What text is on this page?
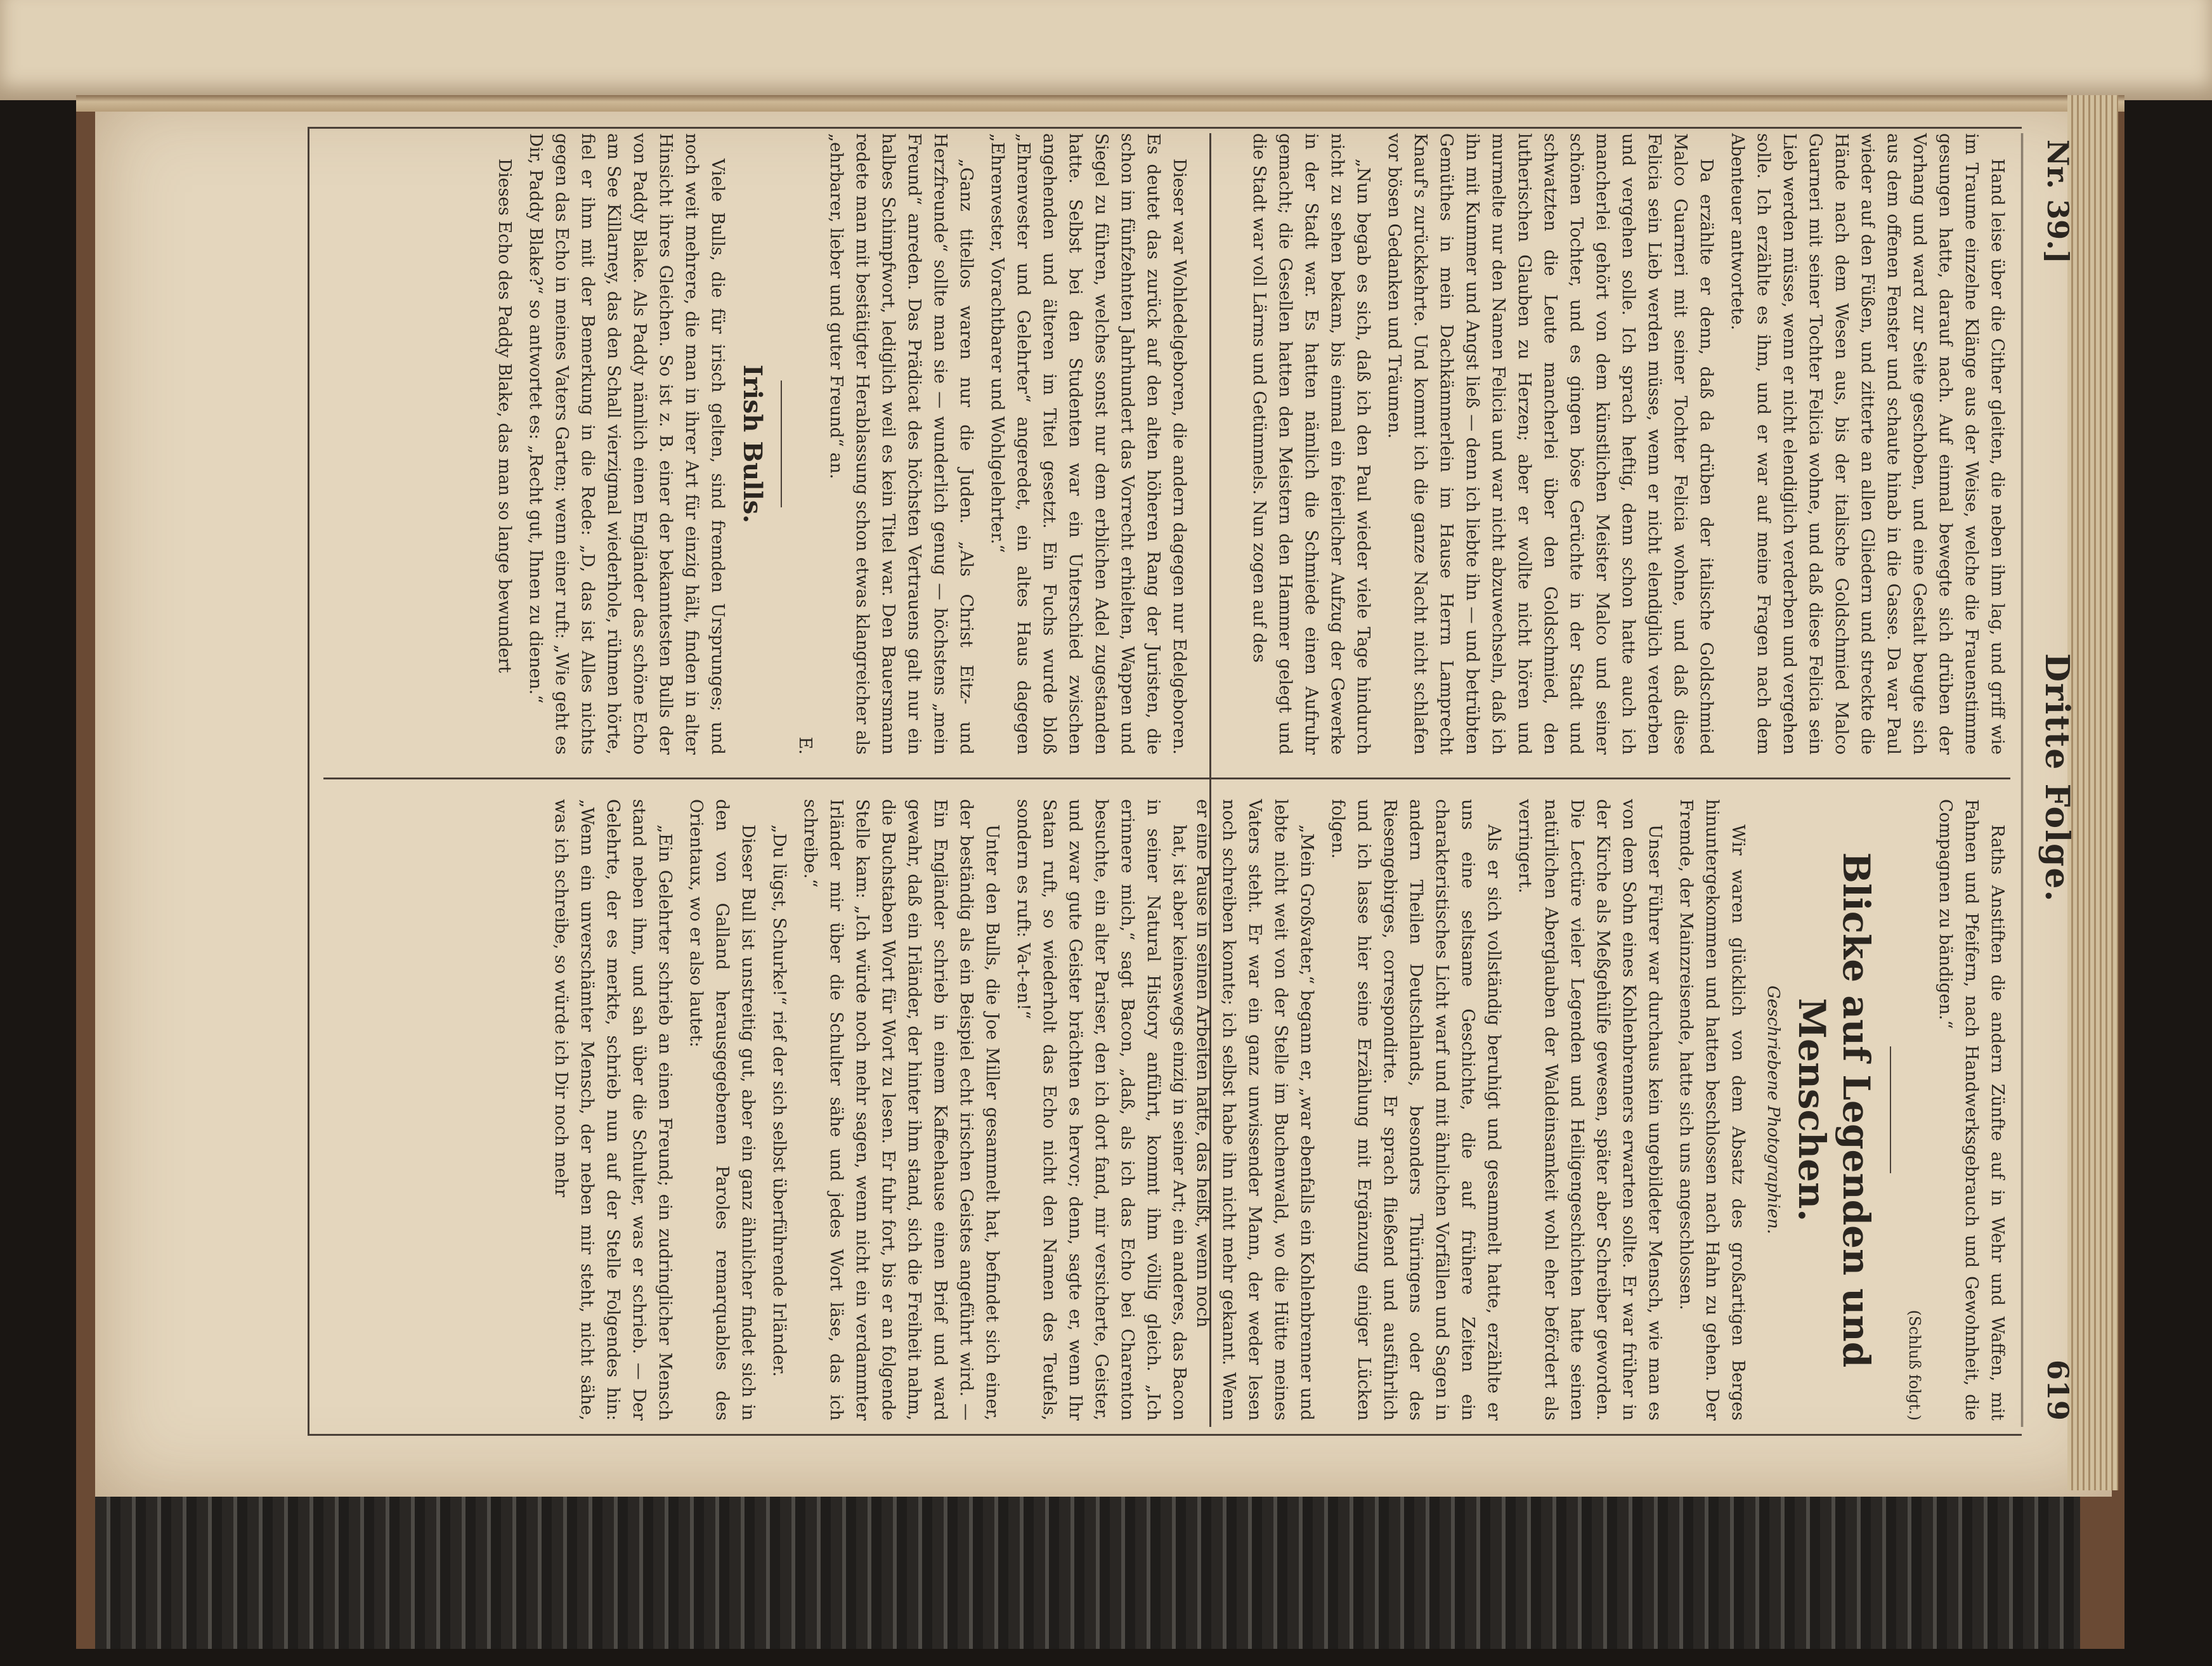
Nr. 39.]
Dritte Folge.
619

Hand leise über die Cither gleiten, die neben ihm lag, und griff wie im Traume einzelne Klänge aus der Weise, welche die Frauenstimme gesungen hatte, darauf nach. Auf einmal bewegte sich drüben der Vorhang und ward zur Seite geschoben, und eine Gestalt beugte sich aus dem offenen Fenster und schaute hinab in die Gasse. Da war Paul wieder auf den Füßen, und zitterte an allen Gliedern und streckte die Hände nach dem Wesen aus, bis der italische Goldschmied Malco Guarneri mit seiner Tochter Felicia wohne, und daß diese Felicia sein Lieb werden müsse, wenn er nicht elendiglich verderben und vergehen solle. Ich erzählte es ihm, und er war auf meine Fragen nach dem Abenteuer antwortete.

Da erzählte er denn, daß da drüben der italische Goldschmied Malco Guarneri mit seiner Tochter Felicia wohne, und daß diese Felicia sein Lieb werden müsse, wenn er nicht elendiglich verderben und vergehen solle. Ich sprach heftig, denn schon hatte auch ich mancherlei gehört von dem künstlichen Meister Malco und seiner schönen Tochter, und es gingen böse Gerüchte in der Stadt und schwatzten die Leute mancherlei über den Goldschmied, den lutherischen Glauben zu Herzen; aber er wollte nicht hören und murmelte nur den Namen Felicia und war nicht abzuwechseln, daß ich ihn mit Kummer und Angst ließ — denn ich liebte ihn — und betrübten Gemüthes in mein Dachkämmerlein im Hause Herrn Lamprecht Knauf's zurückkehrte. Und kommt ich die ganze Nacht nicht schlafen vor bösen Gedanken und Träumen.

„Nun begab es sich, daß ich den Paul wieder viele Tage hindurch nicht zu sehen bekam, bis einmal ein feierlicher Aufzug der Gewerke in der Stadt war. Es hatten nämlich die Schmiede einen Aufruhr gemacht; die Gesellen hatten den Meistern den Hammer gelegt und die Stadt war voll Lärms und Getümmels. Nun zogen auf des

Raths Anstiften die andern Zünfte auf in Wehr und Waffen, mit Fahnen und Pfeifern, nach Handwerksgebrauch und Gewohnheit, die Compagnen zu bändigen.“

(Schluß folgt.)

Blicke auf Legenden und Menschen.

Geschriebene Photographien.

Wir waren glücklich von dem Absatz des großartigen Berges hinuntergekommen und hatten beschlossen nach Hahn zu gehen. Der Fremde, der Mainzreisende, hatte sich uns angeschlossen.

Unser Führer war durchaus kein ungebildeter Mensch, wie man es von dem Sohn eines Kohlenbrenners erwarten sollte. Er war früher in der Kirche als Meßgehülfe gewesen, später aber Schreiber geworden. Die Lectüre vieler Legenden und Heiligengeschichten hatte seinen natürlichen Aberglauben der Waldeinsamkeit wohl eher befördert als verringert.

Als er sich vollständig beruhigt und gesammelt hatte, erzählte er uns eine seltsame Geschichte, die auf frühere Zeiten ein charakteristisches Licht warf und mit ähnlichen Vorfällen und Sagen in andern Theilen Deutschlands, besonders Thüringens oder des Riesengebirges, correspondirte. Er sprach fließend und ausführlich und ich lasse hier seine Erzählung mit Ergänzung einiger Lücken folgen.

„Mein Großvater,“ begann er, „war ebenfalls ein Kohlenbrenner und lebte nicht weit von der Stelle im Buchenwald, wo die Hütte meines Vaters steht. Er war ein ganz unwissender Mann, der weder lesen noch schreiben konnte; ich selbst habe ihn nicht mehr gekannt. Wenn er eine Pause in seinen Arbeiten hatte, das heißt, wenn noch

Dieser war Wohledelgeboren, die andern dagegen nur Edelgeboren. Es deutet das zurück auf den alten höheren Rang der Juristen, die schon im fünfzehnten Jahrhundert das Vorrecht erhielten, Wappen und Siegel zu führen, welches sonst nur dem erblichen Adel zugestanden hatte. Selbst bei den Studenten war ein Unterschied zwischen angehenden und älteren im Titel gesetzt. Ein Fuchs wurde bloß „Ehrenvester und Gelehrter“ angeredet, ein altes Haus dagegen „Ehrenvester, Vorachtbarer und Wohlgelehrter.“

„Ganz titellos waren nur die Juden. „Als Christ Eitz- und Herzfreunde“ sollte man sie — wunderlich genug — höchstens „mein Freund“ anreden. Das Prädicat des höchsten Vertrauens galt nur ein halbes Schimpfwort, lediglich weil es kein Titel war. Den Bauersmann redete man mit bestätigter Herablassung schon etwas klangreicher als „ehrbarer, lieber und guter Freund“ an.

E.

Irish Bulls.

Viele Bulls, die für irisch gelten, sind fremden Ursprunges; und noch weit mehrere, die man in ihrer Art für einzig hält, finden in alter Hinsicht ihres Gleichen. So ist z. B. einer der bekanntesten Bulls der von Paddy Blake. Als Paddy nämlich einen Engländer das schöne Echo am See Killarney, das den Schall vierzigmal wiederhole, rühmen hörte, fiel er ihm mit der Bemerkung in die Rede: „D, das ist Alles nichts gegen das Echo in meines Vaters Garten; wenn einer ruft: „Wie geht es Dir, Paddy Blake?“ so antwortet es: „Recht gut, Ihnen zu dienen.“

Dieses Echo des Paddy Blake, das man so lange bewundert

hat, ist aber keineswegs einzig in seiner Art; ein anderes, das Bacon in seiner Natural History anführt, kommt ihm völlig gleich. „Ich erinnere mich,“ sagt Bacon, „daß, als ich das Echo bei Charenton besuchte, ein alter Pariser, den ich dort fand, mir versicherte, Geister, und zwar gute Geister brächten es hervor; denn, sagte er, wenn Ihr Satan ruft, so wiederholt das Echo nicht den Namen des Teufels, sondern es ruft: Va-t-en!“

Unter den Bulls, die Joe Miller gesammelt hat, befindet sich einer, der beständig als ein Beispiel echt irischen Geistes angeführt wird. — Ein Engländer schrieb in einem Kaffeehause einen Brief und ward gewahr, daß ein Irländer, der hinter ihm stand, sich die Freiheit nahm, die Buchstaben Wort für Wort zu lesen. Er fuhr fort, bis er an folgende Stelle kam: „Ich würde noch mehr sagen, wenn nicht ein verdammter Irländer mir über die Schulter sähe und jedes Wort läse, das ich schreibe.“

„Du lügst, Schurke!“ rief der sich selbst überführende Irländer.

Dieser Bull ist unstreitig gut, aber ein ganz ähnlicher findet sich in den von Galland herausgegebenen Paroles remarquables des Orientaux, wo er also lautet:

„Ein Gelehrter schrieb an einen Freund; ein zudringlicher Mensch stand neben ihm, und sah über die Schulter, was er schrieb. — Der Gelehrte, der es merkte, schrieb nun auf der Stelle Folgendes hin: „Wenn ein unverschämter Mensch, der neben mir steht, nicht sähe, was ich schreibe, so würde ich Dir noch mehr
